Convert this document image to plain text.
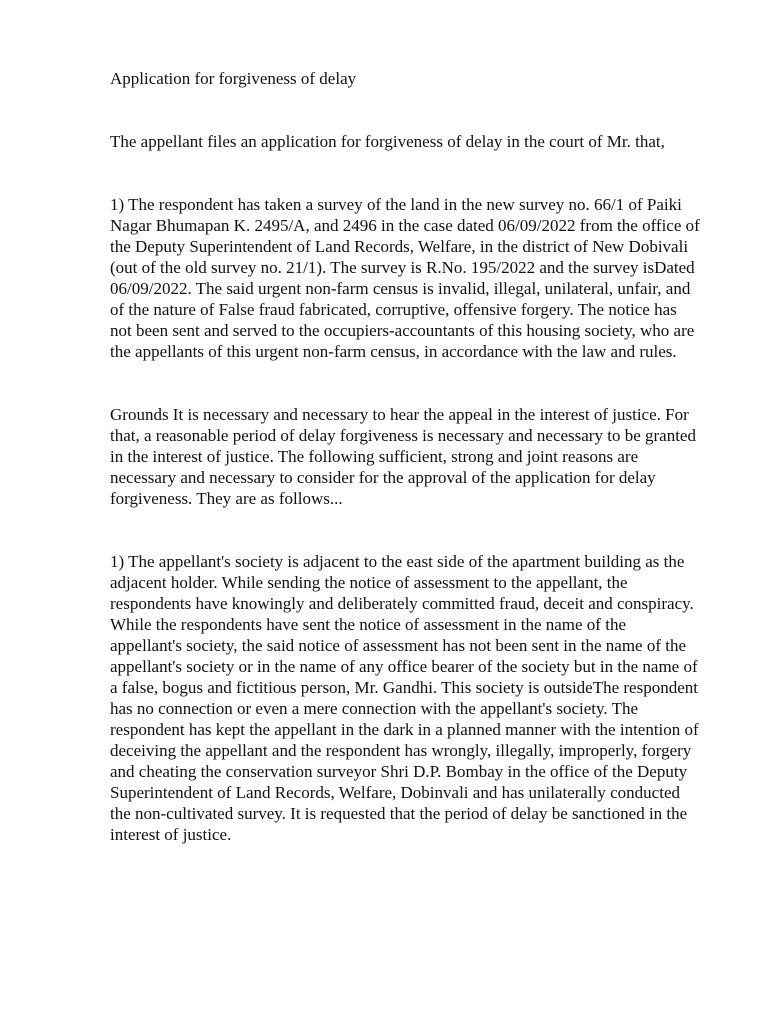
Application for forgiveness of delay

The appellant files an application for forgiveness of delay in the court of Mr. that,

1) The respondent has taken a survey of the land in the new survey no. 66/1 of Paiki Nagar Bhumapan K. 2495/A, and 2496 in the case dated 06/09/2022 from the office of the Deputy Superintendent of Land Records, Welfare, in the district of New Dobivali (out of the old survey no. 21/1). The survey is R.No. 195/2022 and the survey isDated 06/09/2022. The said urgent non-farm census is invalid, illegal, unilateral, unfair, and of the nature of False fraud fabricated, corruptive, offensive forgery. The notice has not been sent and served to the occupiers-accountants of this housing society, who are the appellants of this urgent non-farm census, in accordance with the law and rules.

Grounds It is necessary and necessary to hear the appeal in the interest of justice. For that, a reasonable period of delay forgiveness is necessary and necessary to be granted in the interest of justice. The following sufficient, strong and joint reasons are necessary and necessary to consider for the approval of the application for delay forgiveness. They are as follows...

1) The appellant's society is adjacent to the east side of the apartment building as the adjacent holder. While sending the notice of assessment to the appellant, the respondents have knowingly and deliberately committed fraud, deceit and conspiracy. While the respondents have sent the notice of assessment in the name of the appellant's society, the said notice of assessment has not been sent in the name of the appellant's society or in the name of any office bearer of the society but in the name of a false, bogus and fictitious person, Mr. Gandhi. This society is outsideThe respondent has no connection or even a mere connection with the appellant's society. The respondent has kept the appellant in the dark in a planned manner with the intention of deceiving the appellant and the respondent has wrongly, illegally, improperly, forgery and cheating the conservation surveyor Shri D.P. Bombay in the office of the Deputy Superintendent of Land Records, Welfare, Dobinvali and has unilaterally conducted the non-cultivated survey. It is requested that the period of delay be sanctioned in the interest of justice.
